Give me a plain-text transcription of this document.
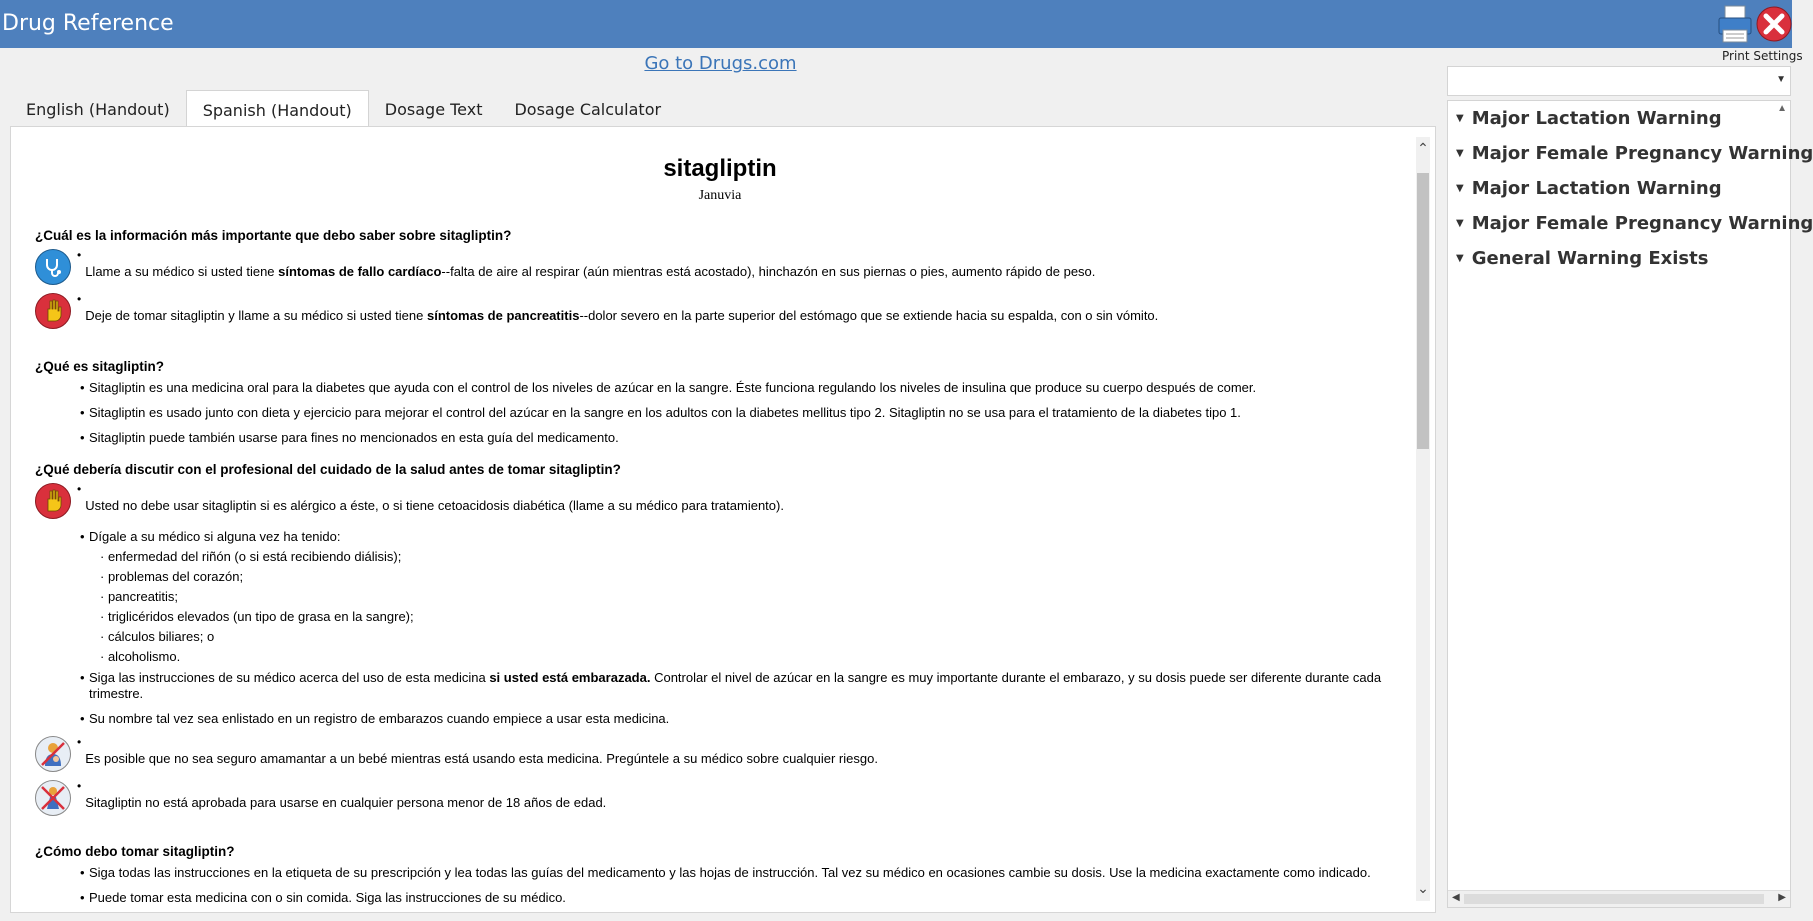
Drug Reference
Print Settings
Go to Drugs.com
English (Handout)	Spanish (Handout)	Dosage Text	Dosage Calculator
sitagliptin
Januvia
¿Cuál es la información más importante que debo saber sobre sitagliptin?
•
Llame a su médico si usted tiene síntomas de fallo cardíaco--falta de aire al respirar (aún mientras está acostado), hinchazón en sus piernas o pies, aumento rápido de peso.
•
Deje de tomar sitagliptin y llame a su médico si usted tiene síntomas de pancreatitis--dolor severo en la parte superior del estómago que se extiende hacia su espalda, con o sin vómito.
¿Qué es sitagliptin?
• Sitagliptin es una medicina oral para la diabetes que ayuda con el control de los niveles de azúcar en la sangre. Éste funciona regulando los niveles de insulina que produce su cuerpo después de comer.
• Sitagliptin es usado junto con dieta y ejercicio para mejorar el control del azúcar en la sangre en los adultos con la diabetes mellitus tipo 2. Sitagliptin no se usa para el tratamiento de la diabetes tipo 1.
• Sitagliptin puede también usarse para fines no mencionados en esta guía del medicamento.
¿Qué debería discutir con el profesional del cuidado de la salud antes de tomar sitagliptin?
•
Usted no debe usar sitagliptin si es alérgico a éste, o si tiene cetoacidosis diabética (llame a su médico para tratamiento).
• Dígale a su médico si alguna vez ha tenido:
· enfermedad del riñón (o si está recibiendo diálisis);
· problemas del corazón;
· pancreatitis;
· triglicéridos elevados (un tipo de grasa en la sangre);
· cálculos biliares; o
· alcoholismo.
• Siga las instrucciones de su médico acerca del uso de esta medicina si usted está embarazada. Controlar el nivel de azúcar en la sangre es muy importante durante el embarazo, y su dosis puede ser diferente durante cada trimestre.
• Su nombre tal vez sea enlistado en un registro de embarazos cuando empiece a usar esta medicina.
•
Es posible que no sea seguro amamantar a un bebé mientras está usando esta medicina. Pregúntele a su médico sobre cualquier riesgo.
•
Sitagliptin no está aprobada para usarse en cualquier persona menor de 18 años de edad.
¿Cómo debo tomar sitagliptin?
• Siga todas las instrucciones en la etiqueta de su prescripción y lea todas las guías del medicamento y las hojas de instrucción. Tal vez su médico en ocasiones cambie su dosis. Use la medicina exactamente como indicado.
• Puede tomar esta medicina con o sin comida. Siga las instrucciones de su médico.
⌃
⌄
▼
▲
▼ Major Lactation Warning
▼ Major Female Pregnancy Warning
▼ Major Lactation Warning
▼ Major Female Pregnancy Warning
▼ General Warning Exists
◀	▶
